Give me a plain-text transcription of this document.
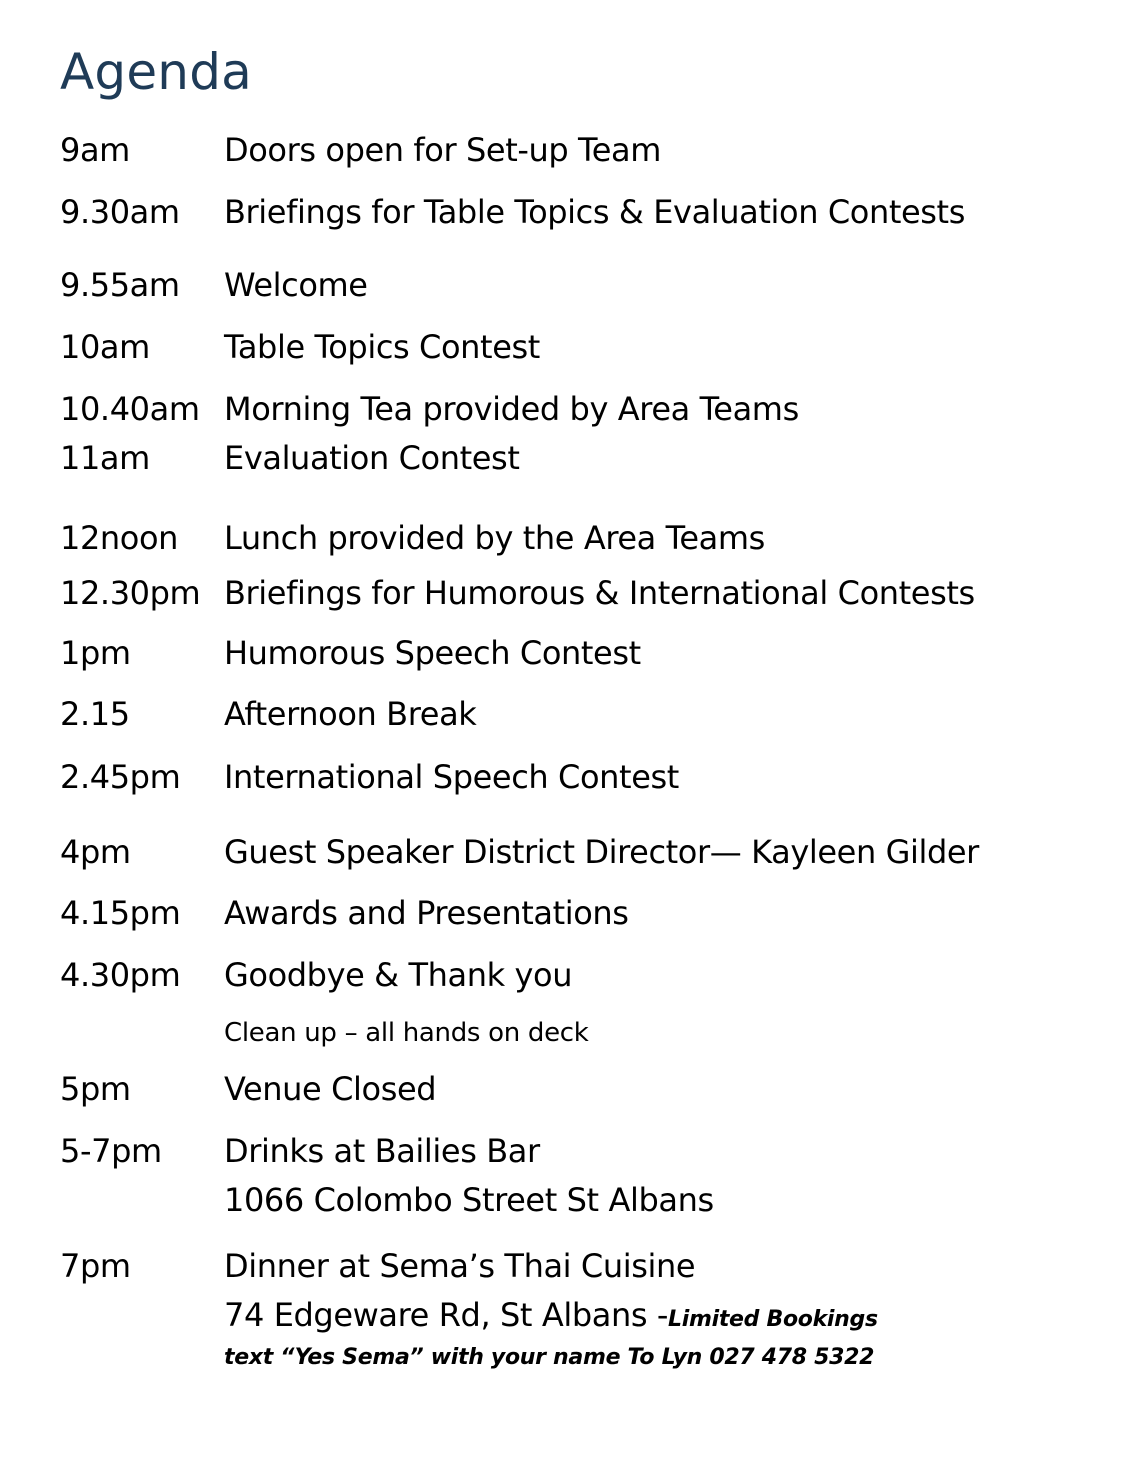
Agenda
9am	Doors open for Set-up Team
9.30am Briefings for Table Topics & Evaluation Contests
9.55am Welcome
10am Table Topics Contest
10.40am Morning Tea provided by Area Teams
11am Evaluation Contest
12noon Lunch provided by the Area Teams
12.30pm Briefings for Humorous & International Contests
1pm	Humorous Speech Contest
2.15	Afternoon Break
2.45pm International Speech Contest
4pm	Guest Speaker District Director— Kayleen Gilder
4.15pm Awards and Presentations
4.30pm Goodbye & Thank you
Clean up – all hands on deck
5pm	Venue Closed
5-7pm Drinks at Bailies Bar
1066 Colombo Street St Albans
7pm	Dinner at Sema’s Thai Cuisine
74 Edgeware Rd, St Albans -Limited Bookings
text “Yes Sema” with your name To Lyn 027 478 5322
